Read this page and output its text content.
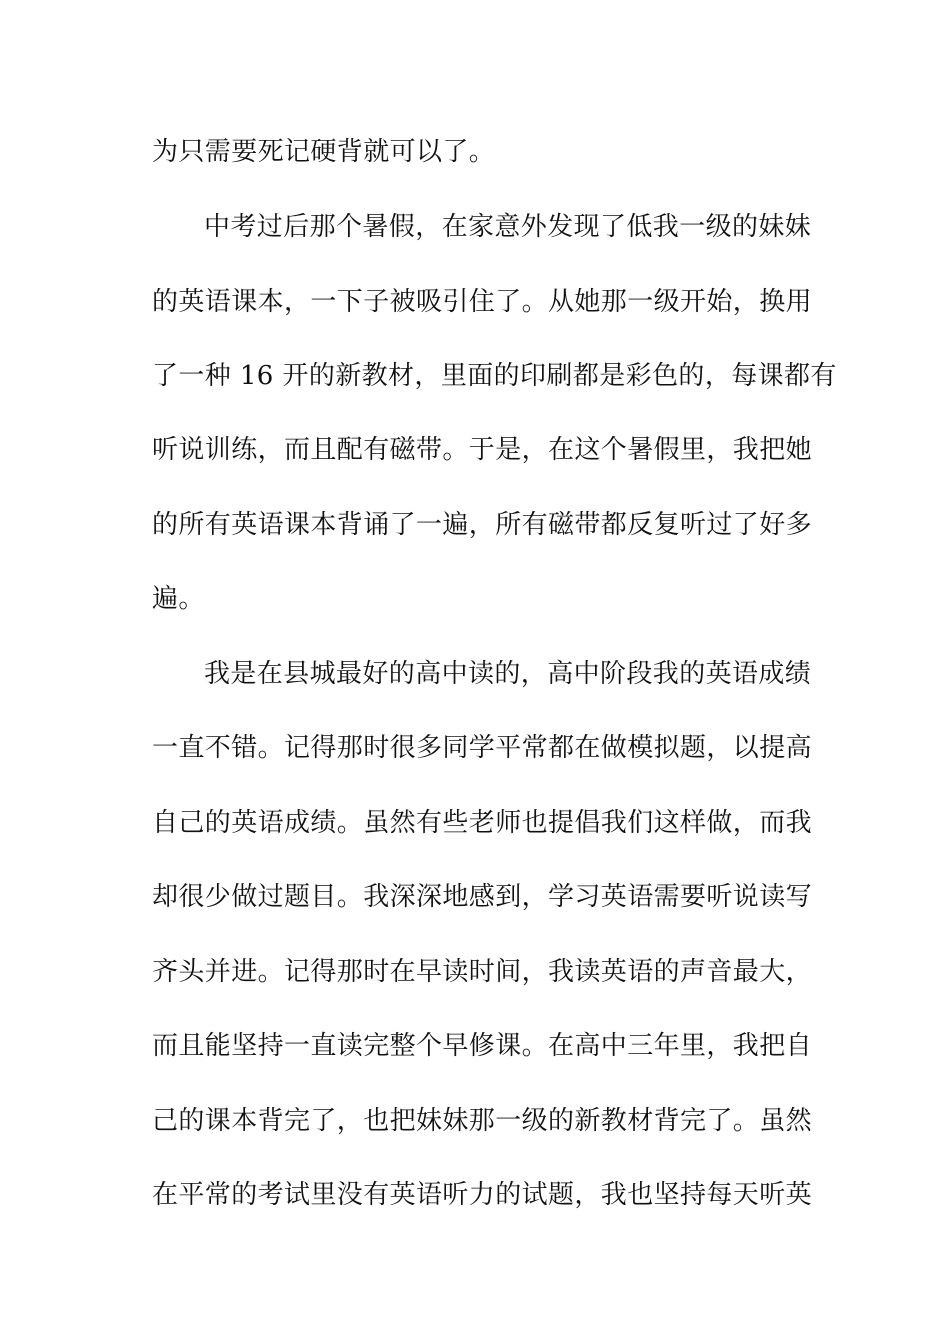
为只需要死记硬背就可以了。
中考过后那个暑假，在家意外发现了低我一级的妹妹
的英语课本，一下子被吸引住了。从她那一级开始，换用
了一种 16 开的新教材，里面的印刷都是彩色的，每课都有
听说训练，而且配有磁带。于是，在这个暑假里，我把她
的所有英语课本背诵了一遍，所有磁带都反复听过了好多
遍。
我是在县城最好的高中读的，高中阶段我的英语成绩
一直不错。记得那时很多同学平常都在做模拟题，以提高
自己的英语成绩。虽然有些老师也提倡我们这样做，而我
却很少做过题目。我深深地感到，学习英语需要听说读写
齐头并进。记得那时在早读时间，我读英语的声音最大，
而且能坚持一直读完整个早修课。在高中三年里，我把自
己的课本背完了，也把妹妹那一级的新教材背完了。虽然
在平常的考试里没有英语听力的试题，我也坚持每天听英
